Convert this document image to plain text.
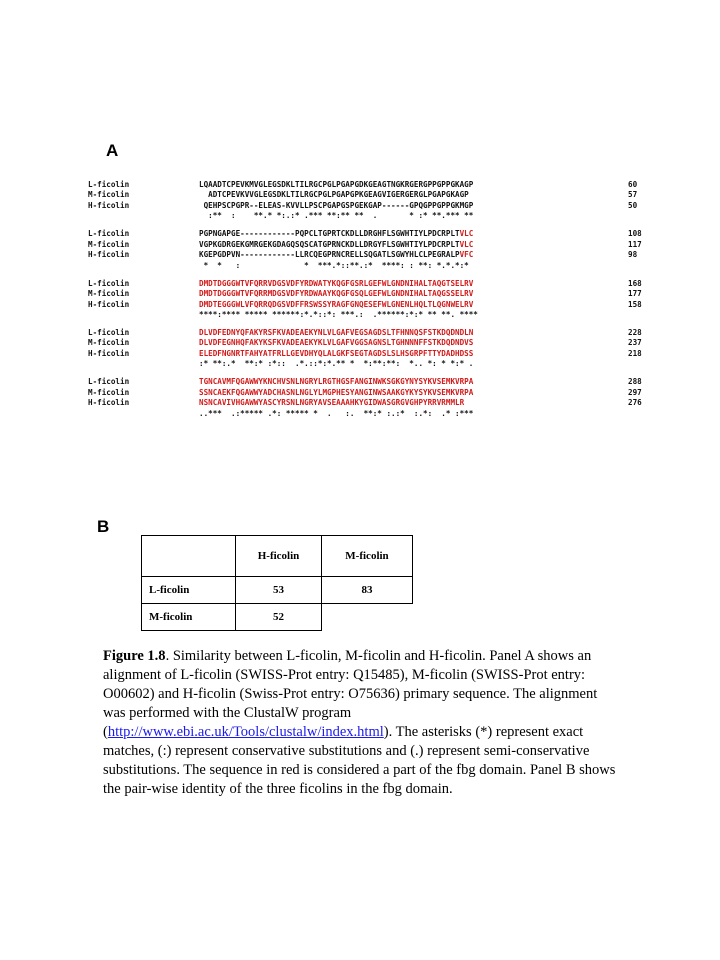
A
L-ficolin	LQAADTCPEVKMVGLEGSDKLTILRGCPGLPGAPGDKGEAGTNGKRGERGPPGPPGKAGP	60
M-ficolin	ADTCPEVKVVGLEGSDKLTILRGCPGLPGAPGPKGEAGVIGERGERGLPGAPGKAGP	57
H-ficolin	QEHPSCPGPR--ELEAS-KVVLLPSCPGAPGSPGEKGAP------GPQGPPGPPGKMGP	50
:**  :    **.* *:.:* .*** **:** **  .       * :* **.*** **
L-ficolin	PGPNGAPGE------------PQPCLTGPRTCKDLLDRGHFLSGWHTIYLPDCRPLTVLC	108
M-ficolin	VGPKGDRGEKGMRGEKGDAGQSQSCATGPRNCKDLLDRGYFLSGWHTIYLPDCRPLTVLC	117
H-ficolin	KGEPGDPVN------------LLRCQEGPRNCRELLSQGATLSGWYHLCLPEGRALPVFC	98
*  *   :              *  ***.*::**.:*  ****: : **: *.*.*:*
L-ficolin	DMDTDGGGWTVFQRRVDGSVDFYRDWATYKQGFGSRLGEFWLGNDNIHALTAQGTSELRV	168
M-ficolin	DMDTDGGGWTVFQRRMDGSVDFYRDWAAYKQGFGSQLGEFWLGNDNIHALTAQGSSELRV	177
H-ficolin	DMDTEGGGWLVFQRRQDGSVDFFRSWSSYRAGFGNQESEFWLGNENLHQLTLQGNWELRV	158
****:**** ***** ******:*.*::*: ***.:  .******:*:* ** **. ****
L-ficolin	DLVDFEDNYQFAKYRSFKVADEAEKYNLVLGAFVEGSAGDSLTFHNNQSFSTKDQDNDLN	228
M-ficolin	DLVDFEGNHQFAKYKSFKVADEAEKYKLVLGAFVGGSAGNSLTGHNNNFFSTKDQDNDVS	237
H-ficolin	ELEDFNGNRTFAHYATFRLLGEVDHYQLALGKFSEGTAGDSLSLHSGRPFTTYDADHDSS	218
:* **:.*  **:* :*::  .*.::*:*.** *  *:**:**:  *.. *: * *:* .
L-ficolin	TGNCAVMFQGAWWYKNCHVSNLNGRYLRGTHGSFANGINWKSGKGYNYSYKVSEMKVRPA	288
M-ficolin	SSNCAEKFQGAWWYADCHASNLNGLYLMGPHESYANGINWSAAKGYKYSYKVSEMKVRPA	297
H-ficolin	NSNCAVIVHGAWWYASCYRSNLNGRYAVSEAAAHKYGIDWASGRGVGHPYRRVRMMLR	276
..***  .:***** .*: ***** *  .   :.  **:* :.:*  :.*:  .* :***
B
	H-ficolin	M-ficolin
L-ficolin	53	83
M-ficolin	52	
Figure 1.8. Similarity between L-ficolin, M-ficolin and H-ficolin. Panel A shows an alignment of L-ficolin (SWISS-Prot entry: Q15485), M-ficolin (SWISS-Prot entry: O00602) and H-ficolin (Swiss-Prot entry: O75636) primary sequence. The alignment was performed with the ClustalW program (http://www.ebi.ac.uk/Tools/clustalw/index.html). The asterisks (*) represent exact matches, (:) represent conservative substitutions and (.) represent semi-conservative substitutions. The sequence in red is considered a part of the fbg domain. Panel B shows the pair-wise identity of the three ficolins in the fbg domain.
